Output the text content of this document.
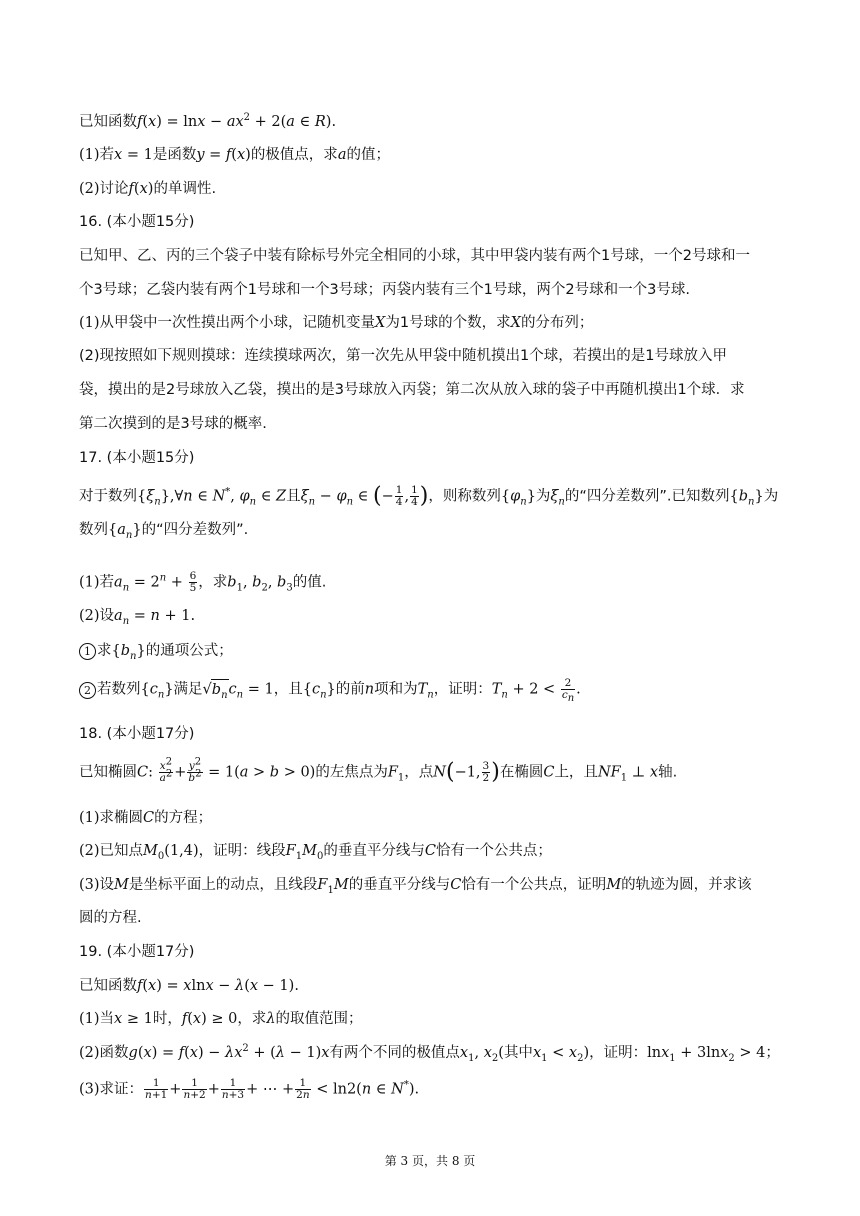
已知函数$f(x) = \ln x - ax^2 + 2(a$ ∈ R).
(1)若x = 1是函数y = f(x)的极值点，求a的值；
(2)讨论f(x)的单调性.
16. (本小题15分)
已知甲、乙、丙的三个袋子中装有除标号外完全相同的小球，其中甲袋内装有两个1号球，一个2号球和一
个3号球；乙袋内装有两个1号球和一个3号球；丙袋内装有三个1号球，两个2号球和一个3号球.
(1)从甲袋中一次性摸出两个小球，记随机变量X为1号球的个数，求X的分布列；
(2)现按照如下规则摸球：连续摸球两次，第一次先从甲袋中随机摸出1个球，若摸出的是1号球放入甲
袋，摸出的是2号球放入乙袋，摸出的是3号球放入丙袋；第二次从放入球的袋子中再随机摸出1个球．求
第二次摸到的是3号球的概率.
17. (本小题15分)
对于数列$\{\xi_n\},\forall n$ ∈ N*, $\varphi_n$ ∈ Z且$\xi_n - \varphi_n$ ∈ (− $\frac{1}{4}$ , $\frac{1}{4}$ )，则称数列$\{\varphi_n\}$为$\xi_n$的“四分差数列”.已知数列$\{b_n\}$为
数列$\{a_n\}$的“四分差数列”.
(1)若$a_n = 2^n + \frac{6}{5}$ ，求$b_1$, $b_2$, $b_3$的值.
(2)设$a_n = n + 1$.
1 求$\{b_n\}$的通项公式；
2 若数列$\{c_n\}$满足$√b_nc_n = 1$，且$\{c_n\}$的前n项和为$T_n$，证明：$T_n + 2 < \frac{2}{c_n}$ .
18. (本小题17分)
已知椭圆C: $\frac{x^2}{a^2} + \frac{y^2}{b^2} = 1(a > b > 0)$的左焦点为$F_1$，点N(−1, $\frac{3}{2}$ )在椭圆C上，且$NF_1$ ⊥ x轴.
(1)求椭圆C的方程；
(2)已知点$M_0(1,4)$，证明：线段$F_1M_0$的垂直平分线与C恰有一个公共点；
(3)设M是坐标平面上的动点，且线段$F_1M$的垂直平分线与C恰有一个公共点，证明M的轨迹为圆，并求该
圆的方程.
19. (本小题17分)
已知函数f(x) = xlnx − λ(x − 1).
(1)当x ≥ 1时，f(x) ≥ 0，求λ的取值范围；
(2)函数$g(x) = f(x) - \lambda x^2 + (\lambda - 1)x$有两个不同的极值点$x_1$, $x_2$(其中$x_1 < x_2$)，证明：lnx$_1$ + 3lnx$_2$ > 4；
(3)求证： $\frac{1}{n+1} + \frac{1}{n+2} + \frac{1}{n+3}$ + ⋯ + $\frac{1}{2n} < \ln 2(n$ ∈ N*).
第 3 页，共 8 页
